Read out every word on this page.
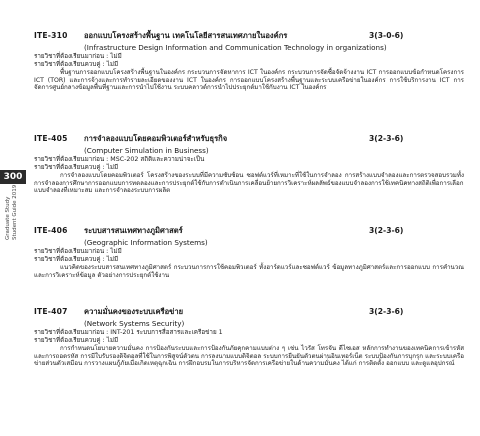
300
Graduate Study Student Guide 2019
ITE-310	ออกแบบโครงสร้างพื้นฐาน เทคโนโลยีสารสนเทศภายในองค์กร	3(3-0-6)
(Infrastructure Design Information and Communication Technology in organizations)
รายวิชาที่ต้องเรียนมาก่อน : ไม่มี
รายวิชาที่ต้องเรียนควบคู่ : ไม่มี
พื้นฐานการออกแบบโครงสร้างพื้นฐานในองค์กร กระบวนการจัดหาการ ICT ในองค์กร กระบวนการจัดซื้อจัดจ้างงาน ICT การออกแบบข้อกำหนดโครงการ ICT (TOR) และการจ้างและการทำรายละเอียดของงาน ICT ในองค์กร การออกแบบโครงสร้างพื้นฐานและระบบเครือข่ายในองค์กร การใช้บริการงาน ICT การจัดการศูนย์กลางข้อมูลพื้นที่ฐานและการนำไปใช้งาน ระบบคลาวด์การนำไปประยุกต์มาใช้กับงาน ICT ในองค์กร
ITE-405	การจำลองแบบโดยคอมพิวเตอร์สำหรับธุรกิจ	3(2-3-6)
(Computer Simulation in Business)
รายวิชาที่ต้องเรียนมาก่อน : MSC-202 สถิติและความน่าจะเป็น
รายวิชาที่ต้องเรียนควบคู่ : ไม่มี
การจำลองแบบโดยคอมพิวเตอร์ โครงสร้างของระบบที่มีความซับซ้อน ซอฟต์แวร์ที่เหมาะที่ใช้ในการจำลอง การสร้างแบบจำลองและการตรวจสอบรวมทั้งการจำลองการศึกษาการออกแบบการทดลองและการประยุกต์ใช้กับการดำเนินการเคลื่อนย้ายการวิเคราะห์ผลลัพธ์ของแบบจำลองการใช้เทคนิคทางสถิติเพื่อการเลือกแบบจำลองที่เหมาะสม และการจำลองระบบการผลิต
ITE-406	ระบบสารสนเทศทางภูมิศาสตร์	3(2-3-6)
(Geographic Information Systems)
รายวิชาที่ต้องเรียนมาก่อน : ไม่มี
รายวิชาที่ต้องเรียนควบคู่ : ไม่มี
แนวคิดของระบบสารสนเทศทางภูมิศาสตร์ กระบวนการการใช้คอมพิวเตอร์ ทั้งฮาร์ดแวร์และซอฟต์แวร์ ข้อมูลทางภูมิศาสตร์และการออกแบบ การคำนวณและการวิเคราะห์ข้อมูล ตัวอย่างการประยุกต์ใช้งาน
ITE-407	ความมั่นคงของระบบเครือข่าย	3(2-3-6)
(Network Systems Security)
รายวิชาที่ต้องเรียนมาก่อน : INT-201 ระบบการสื่อสารและเครือข่าย 1
รายวิชาที่ต้องเรียนควบคู่ : ไม่มี
การกำหนดนโยบายความมั่นคง การป้องกันระบบและการป้องกันภัยคุกคามแบบต่าง ๆ เช่น ไวรัส โทรจัน ดีไซเอส หลักการทำงานของเทคนิคการเข้ารหัสและการถอดรหัส การมีใบรับรองดิจิตอลที่ใช้ในการพิสูจน์ตัวตน การลงนามแบบดิจิตอล ระบบการยืนยันตัวตนผ่านอินเทอร์เน็ต ระบบป้องกันการบุกรุก และระบบเครือข่ายส่วนตัวเสมือน การวางแผนกู้ภัยเมื่อเกิดเหตุฉุกเฉิน การฝึกอบรมในการบริหารจัดการเครือข่ายในด้านความมั่นคง ได้แก่ การติดตั้ง ออกแบบ และดูแลอุปกรณ์
